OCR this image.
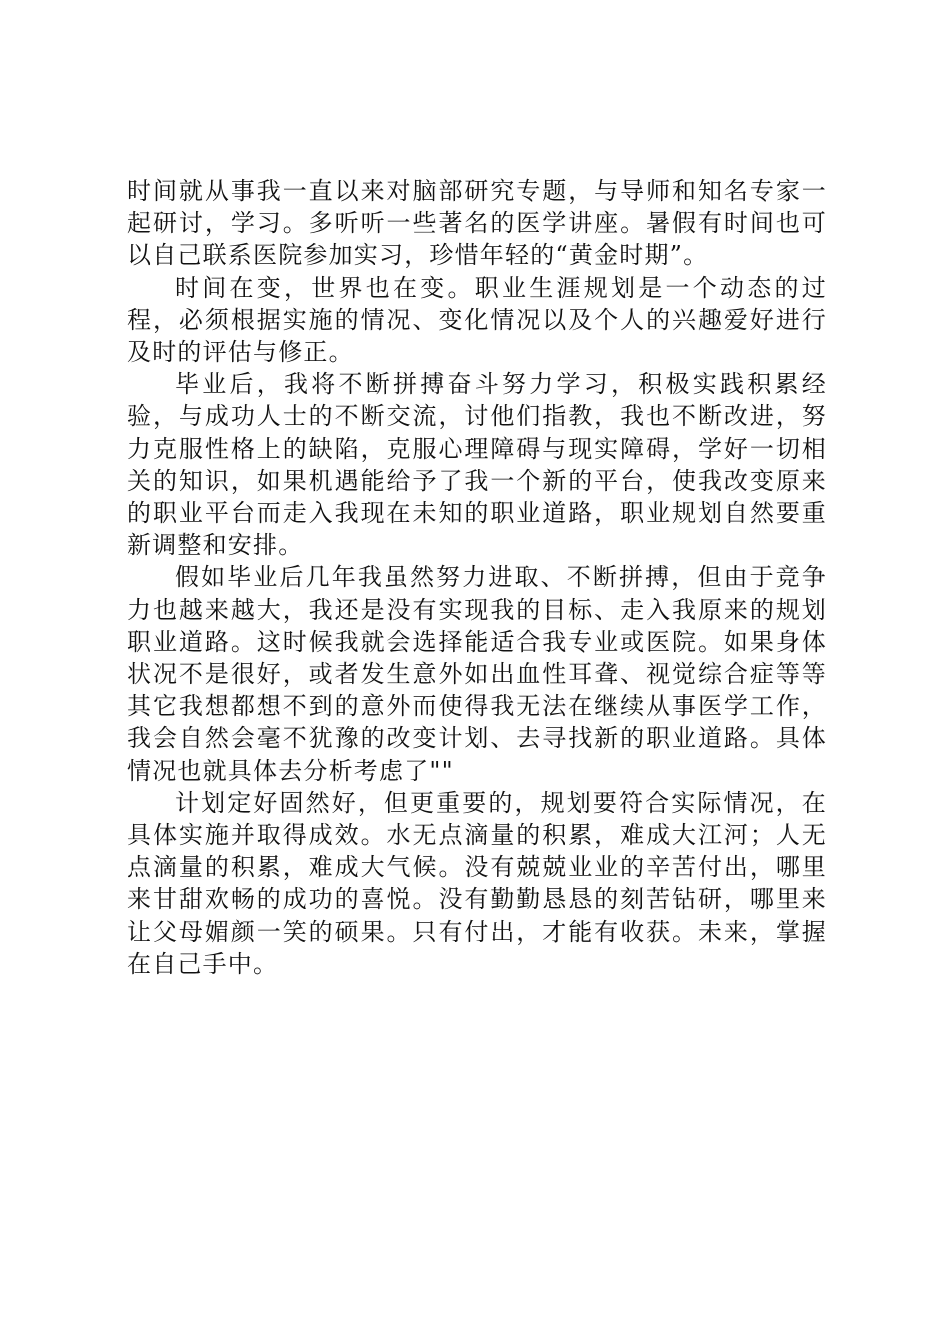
时间就从事我一直以来对脑部研究专题，与导师和知名专家一起研讨，学习。多听听一些著名的医学讲座。暑假有时间也可以自己联系医院参加实习，珍惜年轻的“黄金时期”。

时间在变，世界也在变。职业生涯规划是一个动态的过程，必须根据实施的情况、变化情况以及个人的兴趣爱好进行及时的评估与修正。

毕业后，我将不断拼搏奋斗努力学习，积极实践积累经验，与成功人士的不断交流，讨他们指教，我也不断改进，努力克服性格上的缺陷，克服心理障碍与现实障碍，学好一切相关的知识，如果机遇能给予了我一个新的平台，使我改变原来的职业平台而走入我现在未知的职业道路，职业规划自然要重新调整和安排。

假如毕业后几年我虽然努力进取、不断拼搏，但由于竞争力也越来越大，我还是没有实现我的目标、走入我原来的规划职业道路。这时候我就会选择能适合我专业或医院。如果身体状况不是很好，或者发生意外如出血性耳聋、视觉综合症等等其它我想都想不到的意外而使得我无法在继续从事医学工作，我会自然会毫不犹豫的改变计划、去寻找新的职业道路。具体情况也就具体去分析考虑了""

计划定好固然好，但更重要的，规划要符合实际情况，在具体实施并取得成效。水无点滴量的积累，难成大江河；人无点滴量的积累，难成大气候。没有兢兢业业的辛苦付出，哪里来甘甜欢畅的成功的喜悦。没有勤勤恳恳的刻苦钻研，哪里来让父母媚颜一笑的硕果。只有付出，才能有收获。未来，掌握在自己手中。
